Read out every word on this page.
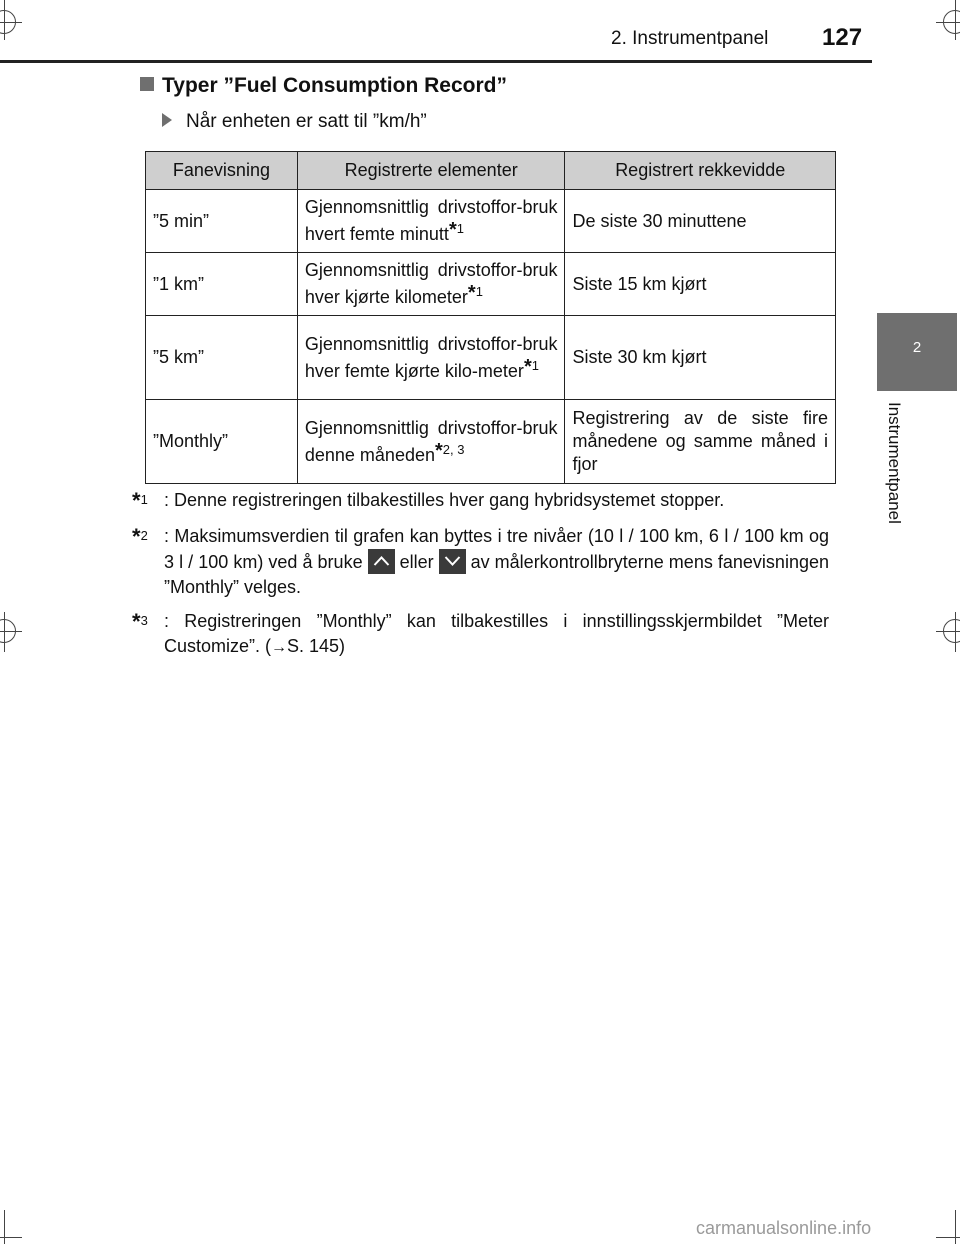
2. Instrumentpanel 127
2
Instrumentpanel
Typer ”Fuel Consumption Record”
Når enheten er satt til ”km/h”
Fanevisning	Registrerte elementer	Registrert rekkevidde
”5 min”	Gjennomsnittlig drivstoffor-bruk hvert femte minutt*$^1$	De siste 30 minuttene
”1 km”	Gjennomsnittlig drivstoffor-bruk hver kjørte kilometer*$^1$	Siste 15 km kjørt
”5 km”	Gjennomsnittlig drivstoffor-bruk hver femte kjørte kilo-meter*$^1$	Siste 30 km kjørt
”Monthly”	Gjennomsnittlig drivstoffor-bruk denne måneden*$^{2, 3}$	Registrering av de siste fire månedene og samme måned i fjor
*$^1$ : Denne registreringen tilbakestilles hver gang hybridsystemet stopper.
*$^2$ : Maksimumsverdien til grafen kan byttes i tre nivåer (10 l / 100 km, 6 l / 100 km og 3 l / 100 km) ved å bruke eller av målerkontrollbryterne mens fanevisningen ”Monthly” velges.
*$^3$ : Registreringen ”Monthly” kan tilbakestilles i innstillingsskjermbildet ”Meter Customize”. (→S. 145)
carmanualsonline.info
